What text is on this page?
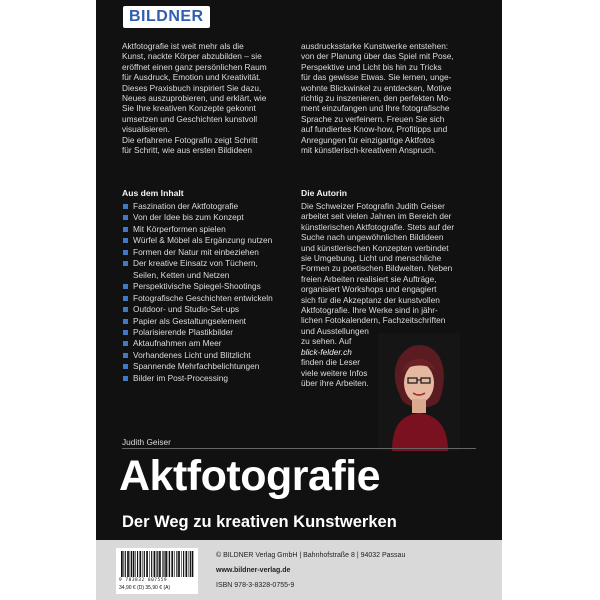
BILDNER

Aktfotografie ist weit mehr als die

Kunst, nackte Körper abzubilden – sie

eröffnet einen ganz persönlichen Raum

für Ausdruck, Emotion und Kreativität.

Dieses Praxisbuch inspiriert Sie dazu,

Neues auszuprobieren, und erklärt, wie

Sie Ihre kreativen Konzepte gekonnt

umsetzen und Geschichten kunstvoll

visualisieren.

Die erfahrene Fotografin zeigt Schritt

für Schritt, wie aus ersten Bildideen

ausdrucksstarke Kunstwerke entstehen:

von der Planung über das Spiel mit Pose,

Perspektive und Licht bis hin zu Tricks

für das gewisse Etwas. Sie lernen, unge-

wohnte Blickwinkel zu entdecken, Motive

richtig zu inszenieren, den perfekten Mo-

ment einzufangen und Ihre fotografische

Sprache zu verfeinern. Freuen Sie sich

auf fundiertes Know-how, Profitipps und

Anregungen für einzigartige Aktfotos

mit künstlerisch-kreativem Anspruch.

Aus dem Inhalt
Faszination der Aktfotografie
Von der Idee bis zum Konzept
Mit Körperformen spielen
Würfel & Möbel als Ergänzung nutzen
Formen der Natur mit einbeziehen
Der kreative Einsatz von Tüchern,
Seilen, Ketten und Netzen
Perspektivische Spiegel-Shootings
Fotografische Geschichten entwickeln
Outdoor- und Studio-Set-ups
Papier als Gestaltungselement
Polarisierende Plastikbilder
Aktaufnahmen am Meer
Vorhandenes Licht und Blitzlicht
Spannende Mehrfachbelichtungen
Bilder im Post-Processing
Die Autorin

Die Schweizer Fotografin Judith Geiser

arbeitet seit vielen Jahren im Bereich der

künstlerischen Aktfotografie. Stets auf der

Suche nach ungewöhnlichen Bildideen

und künstlerischen Konzepten verbindet

sie Umgebung, Licht und menschliche

Formen zu poetischen Bildwelten. Neben

freien Arbeiten realisiert sie Aufträge,

organisiert Workshops und engagiert

sich für die Akzeptanz der kunstvollen

Aktfotografie. Ihre Werke sind in jähr-

lichen Fotokalendern, Fachzeitschriften

und Ausstellungen

zu sehen. Auf

blick-felder.ch

finden die Leser

viele weitere Infos

über ihre Arbeiten.

Judith Geiser
Aktfotografie
Der Weg zu kreativen Kunstwerken
9 783832 807559
34,90 € (D) 35,90 € (A)
© BILDNER Verlag GmbH | Bahnhofstraße 8 | 94032 Passau
www.bildner-verlag.de
ISBN 978-3-8328-0755-9
